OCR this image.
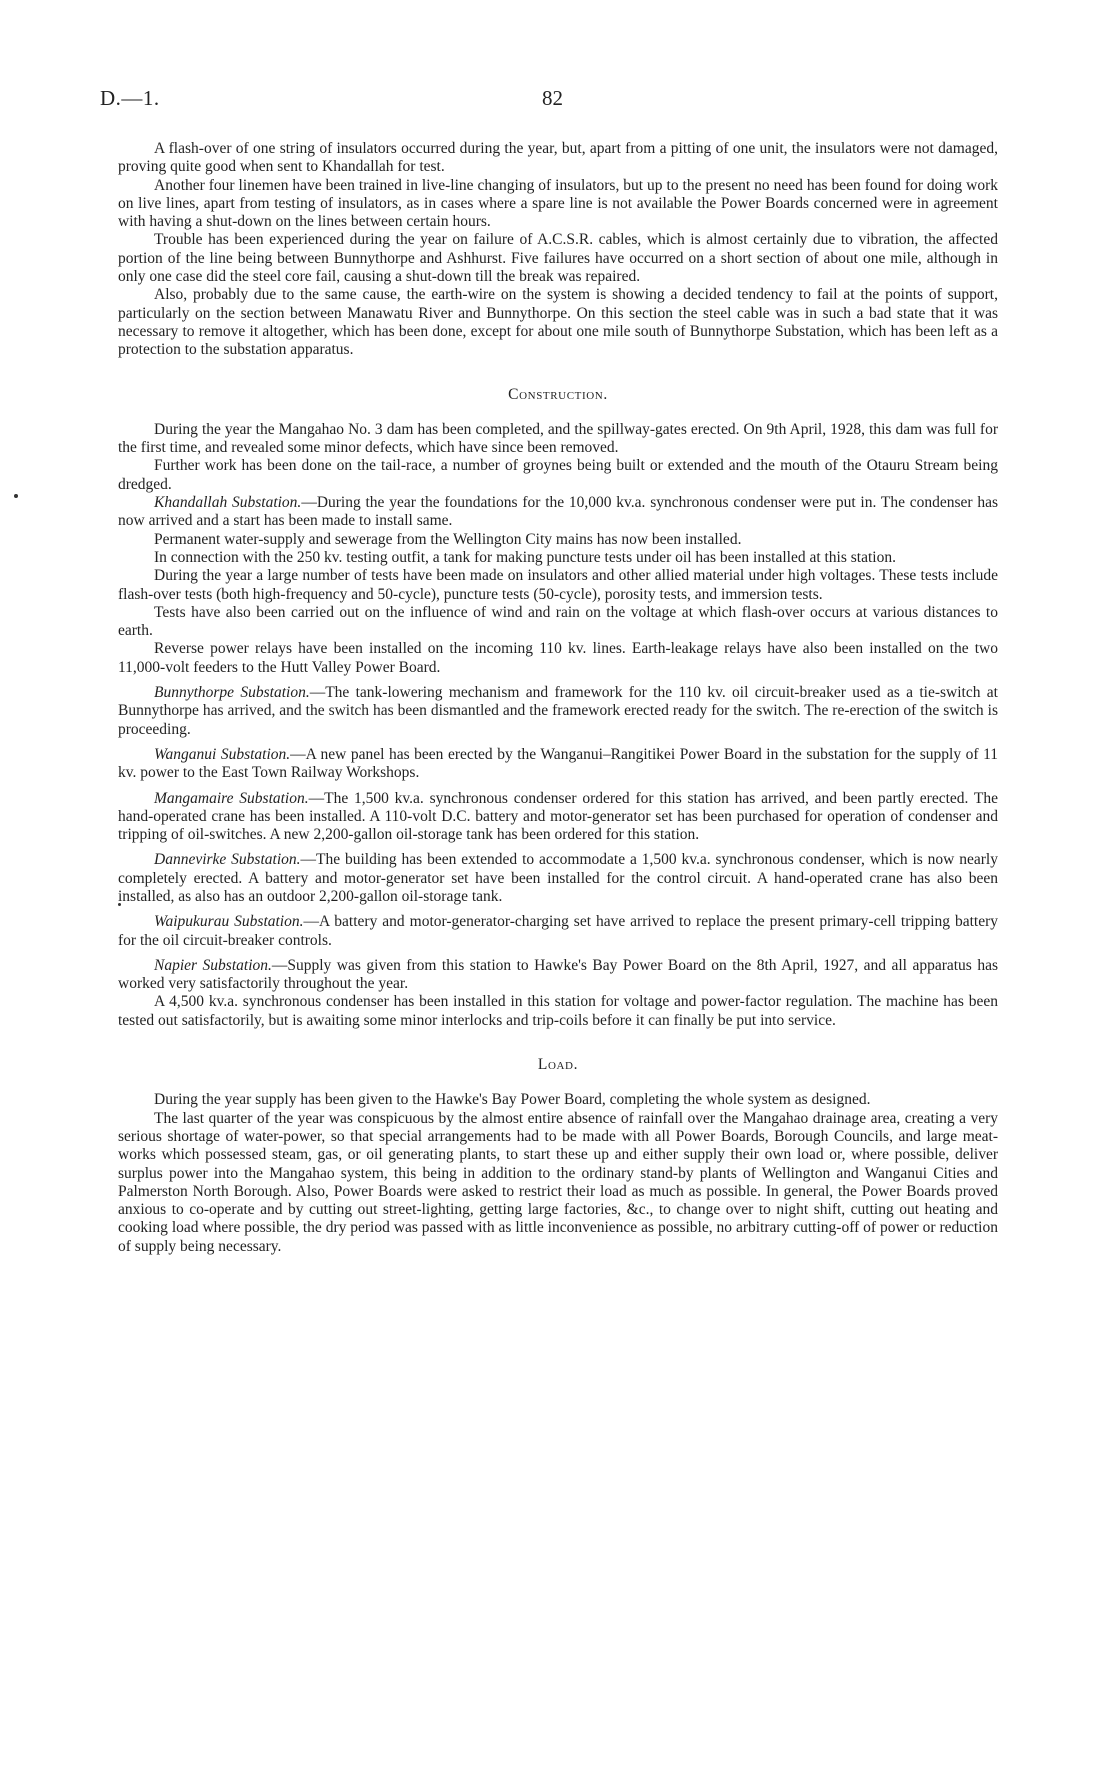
D.—1.	82

A flash-over of one string of insulators occurred during the year, but, apart from a pitting of one unit, the insulators were not damaged, proving quite good when sent to Khandallah for test.

Another four linemen have been trained in live-line changing of insulators, but up to the present no need has been found for doing work on live lines, apart from testing of insulators, as in cases where a spare line is not available the Power Boards concerned were in agreement with having a shut-down on the lines between certain hours.

Trouble has been experienced during the year on failure of A.C.S.R. cables, which is almost certainly due to vibration, the affected portion of the line being between Bunnythorpe and Ashhurst. Five failures have occurred on a short section of about one mile, although in only one case did the steel core fail, causing a shut-down till the break was repaired.

Also, probably due to the same cause, the earth-wire on the system is showing a decided tendency to fail at the points of support, particularly on the section between Manawatu River and Bunnythorpe. On this section the steel cable was in such a bad state that it was necessary to remove it altogether, which has been done, except for about one mile south of Bunnythorpe Substation, which has been left as a protection to the substation apparatus.

Construction.

During the year the Mangahao No. 3 dam has been completed, and the spillway-gates erected. On 9th April, 1928, this dam was full for the first time, and revealed some minor defects, which have since been removed.

Further work has been done on the tail-race, a number of groynes being built or extended and the mouth of the Otauru Stream being dredged.

Khandallah Substation.—During the year the foundations for the 10,000 kv.a. synchronous condenser were put in. The condenser has now arrived and a start has been made to install same.

Permanent water-supply and sewerage from the Wellington City mains has now been installed.

In connection with the 250 kv. testing outfit, a tank for making puncture tests under oil has been installed at this station.

During the year a large number of tests have been made on insulators and other allied material under high voltages. These tests include flash-over tests (both high-frequency and 50-cycle), puncture tests (50-cycle), porosity tests, and immersion tests.

Tests have also been carried out on the influence of wind and rain on the voltage at which flash-over occurs at various distances to earth.

Reverse power relays have been installed on the incoming 110 kv. lines. Earth-leakage relays have also been installed on the two 11,000-volt feeders to the Hutt Valley Power Board.

Bunnythorpe Substation.—The tank-lowering mechanism and framework for the 110 kv. oil circuit-breaker used as a tie-switch at Bunnythorpe has arrived, and the switch has been dismantled and the framework erected ready for the switch. The re-erection of the switch is proceeding.

Wanganui Substation.—A new panel has been erected by the Wanganui–Rangitikei Power Board in the substation for the supply of 11 kv. power to the East Town Railway Workshops.

Mangamaire Substation.—The 1,500 kv.a. synchronous condenser ordered for this station has arrived, and been partly erected. The hand-operated crane has been installed. A 110-volt D.C. battery and motor-generator set has been purchased for operation of condenser and tripping of oil-switches. A new 2,200-gallon oil-storage tank has been ordered for this station.

Dannevirke Substation.—The building has been extended to accommodate a 1,500 kv.a. synchronous condenser, which is now nearly completely erected. A battery and motor-generator set have been installed for the control circuit. A hand-operated crane has also been installed, as also has an outdoor 2,200-gallon oil-storage tank.

Waipukurau Substation.—A battery and motor-generator-charging set have arrived to replace the present primary-cell tripping battery for the oil circuit-breaker controls.

Napier Substation.—Supply was given from this station to Hawke's Bay Power Board on the 8th April, 1927, and all apparatus has worked very satisfactorily throughout the year.

A 4,500 kv.a. synchronous condenser has been installed in this station for voltage and power-factor regulation. The machine has been tested out satisfactorily, but is awaiting some minor interlocks and trip-coils before it can finally be put into service.

Load.

During the year supply has been given to the Hawke's Bay Power Board, completing the whole system as designed.

The last quarter of the year was conspicuous by the almost entire absence of rainfall over the Mangahao drainage area, creating a very serious shortage of water-power, so that special arrangements had to be made with all Power Boards, Borough Councils, and large meat-works which possessed steam, gas, or oil generating plants, to start these up and either supply their own load or, where possible, deliver surplus power into the Mangahao system, this being in addition to the ordinary stand-by plants of Wellington and Wanganui Cities and Palmerston North Borough. Also, Power Boards were asked to restrict their load as much as possible. In general, the Power Boards proved anxious to co-operate and by cutting out street-lighting, getting large factories, &c., to change over to night shift, cutting out heating and cooking load where possible, the dry period was passed with as little inconvenience as possible, no arbitrary cutting-off of power or reduction of supply being necessary.
